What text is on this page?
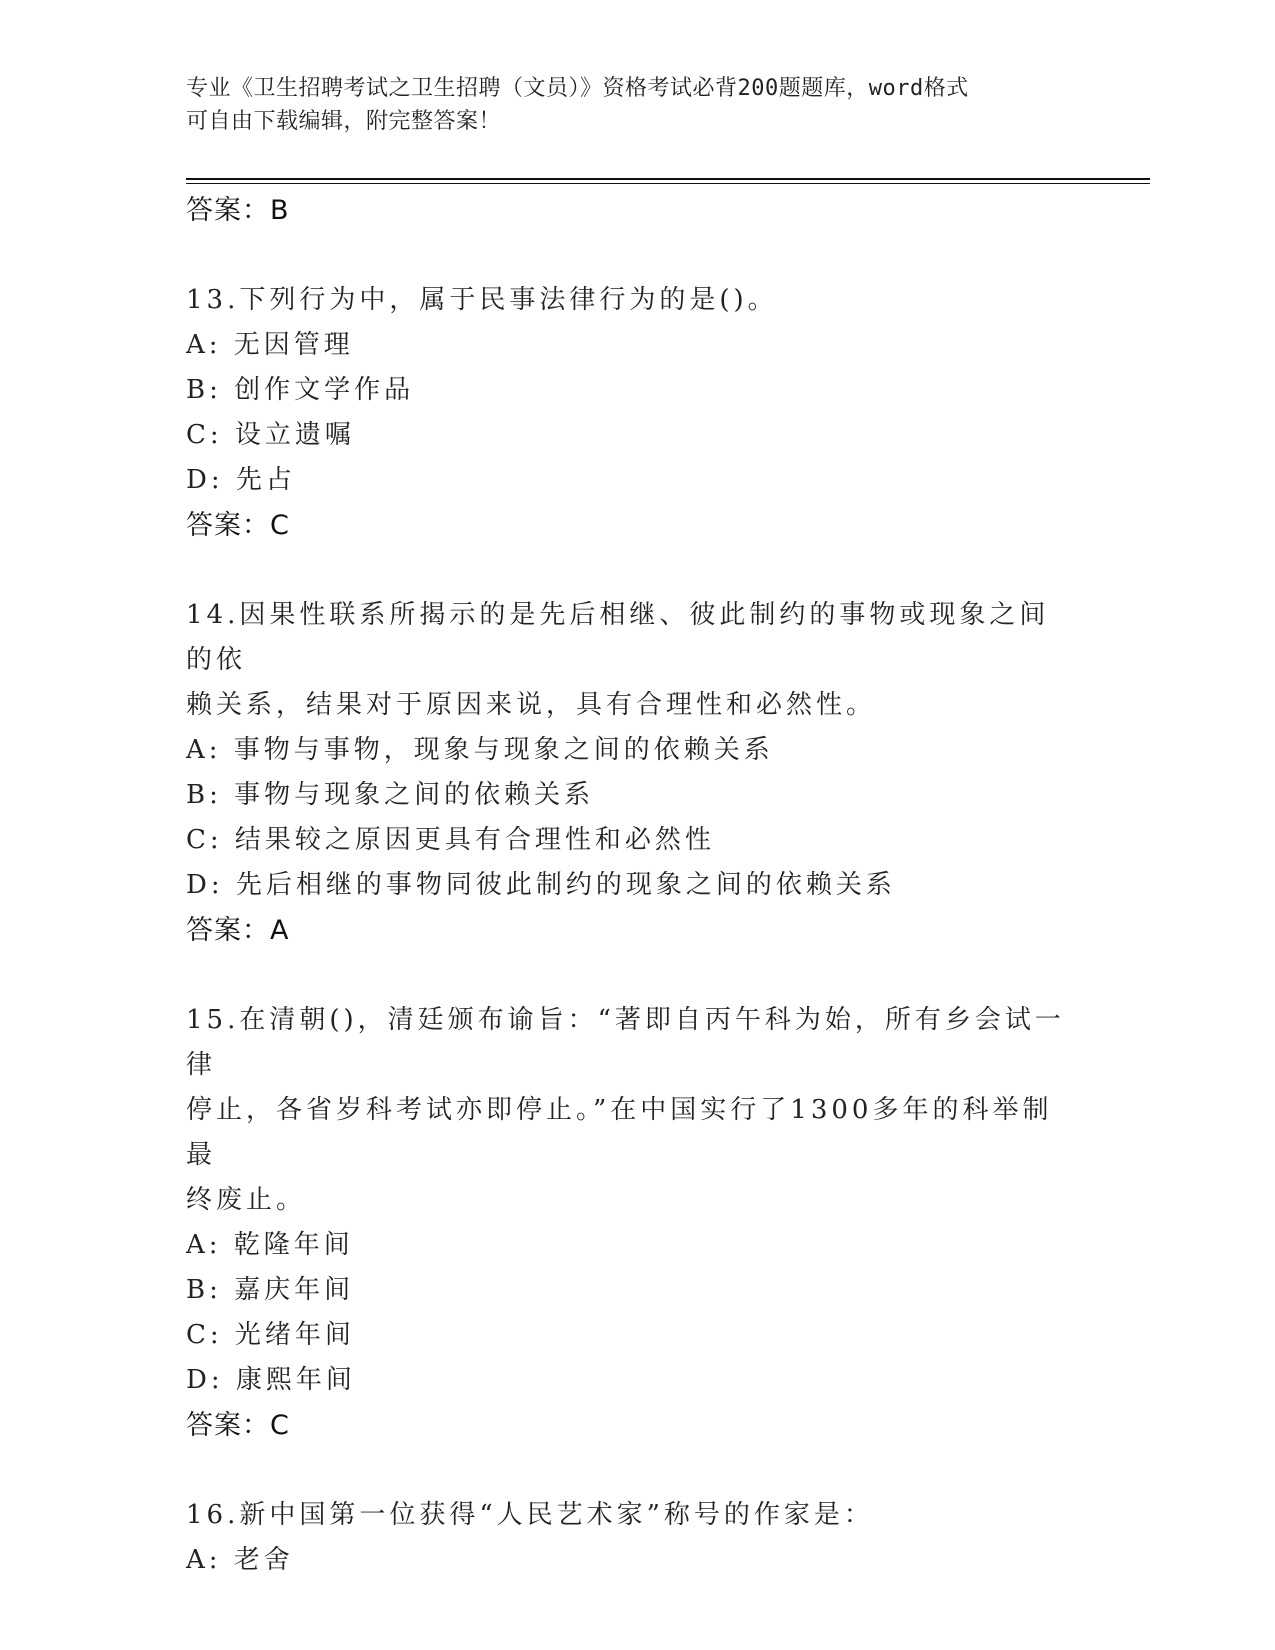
专业《卫生招聘考试之卫生招聘（文员）》资格考试必背200题题库，word格式
可自由下载编辑，附完整答案！
答案：B
13.下列行为中，属于民事法律行为的是()。
A: 无因管理
B: 创作文学作品
C: 设立遗嘱
D: 先占
答案：C
14.因果性联系所揭示的是先后相继、彼此制约的事物或现象之间的依
赖关系，结果对于原因来说，具有合理性和必然性。
A: 事物与事物，现象与现象之间的依赖关系
B: 事物与现象之间的依赖关系
C: 结果较之原因更具有合理性和必然性
D: 先后相继的事物同彼此制约的现象之间的依赖关系
答案：A
15.在清朝()，清廷颁布谕旨：“著即自丙午科为始，所有乡会试一律
停止，各省岁科考试亦即停止。”在中国实行了1300多年的科举制最
终废止。
A: 乾隆年间
B: 嘉庆年间
C: 光绪年间
D: 康熙年间
答案：C
16.新中国第一位获得“人民艺术家”称号的作家是：
A: 老舍
